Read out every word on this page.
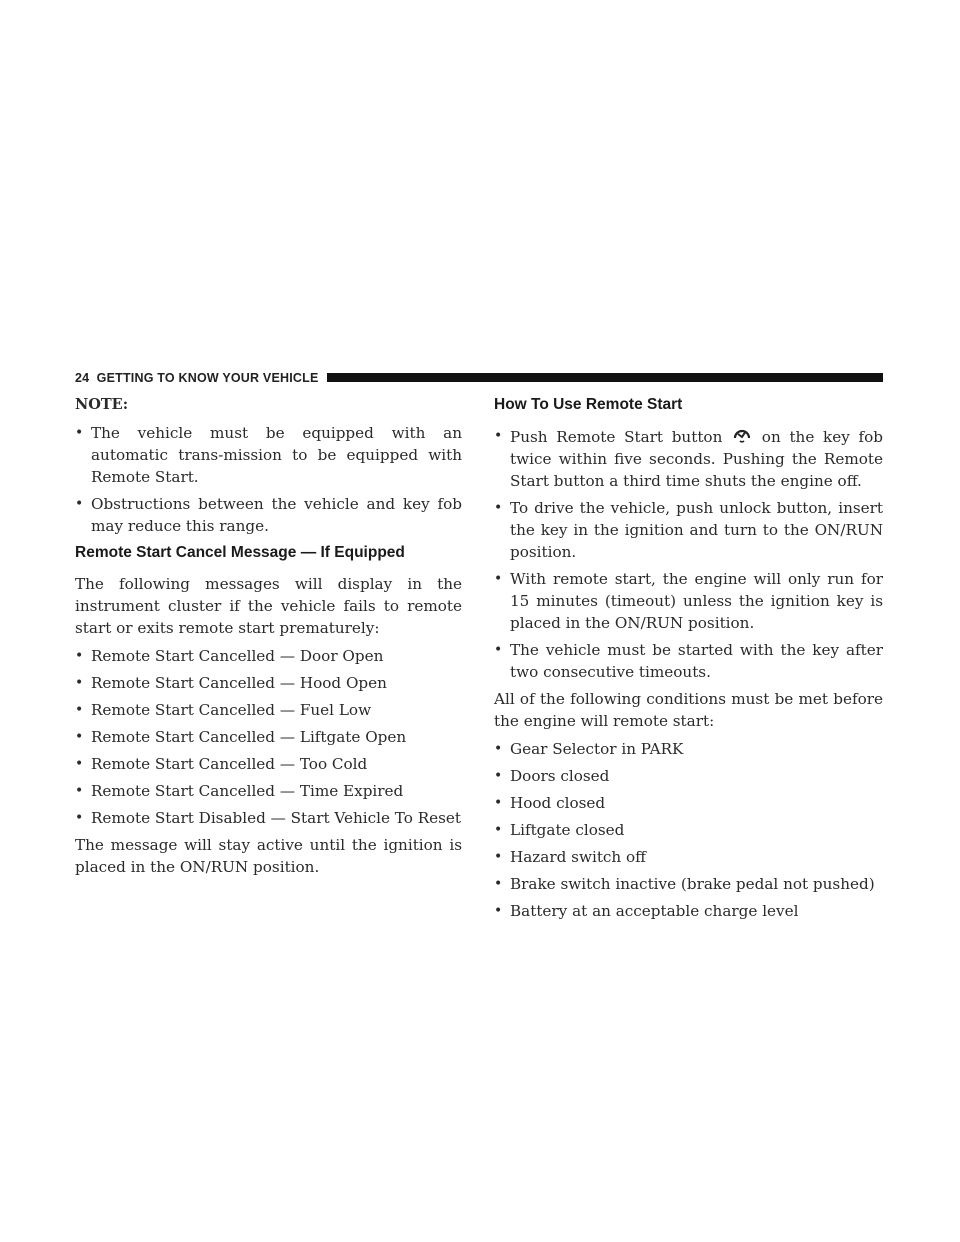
24 GETTING TO KNOW YOUR VEHICLE

NOTE:

• The vehicle must be equipped with an automatic trans-mission to be equipped with Remote Start.
• Obstructions between the vehicle and key fob may reduce this range.
Remote Start Cancel Message — If Equipped

The following messages will display in the instrument cluster if the vehicle fails to remote start or exits remote start prematurely:

• Remote Start Cancelled — Door Open
• Remote Start Cancelled — Hood Open
• Remote Start Cancelled — Fuel Low
• Remote Start Cancelled — Liftgate Open
• Remote Start Cancelled — Too Cold
• Remote Start Cancelled — Time Expired
• Remote Start Disabled — Start Vehicle To Reset

The message will stay active until the ignition is placed in the ON/RUN position.

How To Use Remote Start
• Push Remote Start button	on the key fob twice within five seconds. Pushing the Remote Start button a third time shuts the engine off.
• To drive the vehicle, push unlock button, insert the key in the ignition and turn to the ON/RUN position.
• With remote start, the engine will only run for 15 minutes (timeout) unless the ignition key is placed in the ON/RUN position.
• The vehicle must be started with the key after two consecutive timeouts.

All of the following conditions must be met before the engine will remote start:

• Gear Selector in PARK
• Doors closed
• Hood closed
• Liftgate closed
• Hazard switch off
• Brake switch inactive (brake pedal not pushed)
• Battery at an acceptable charge level
